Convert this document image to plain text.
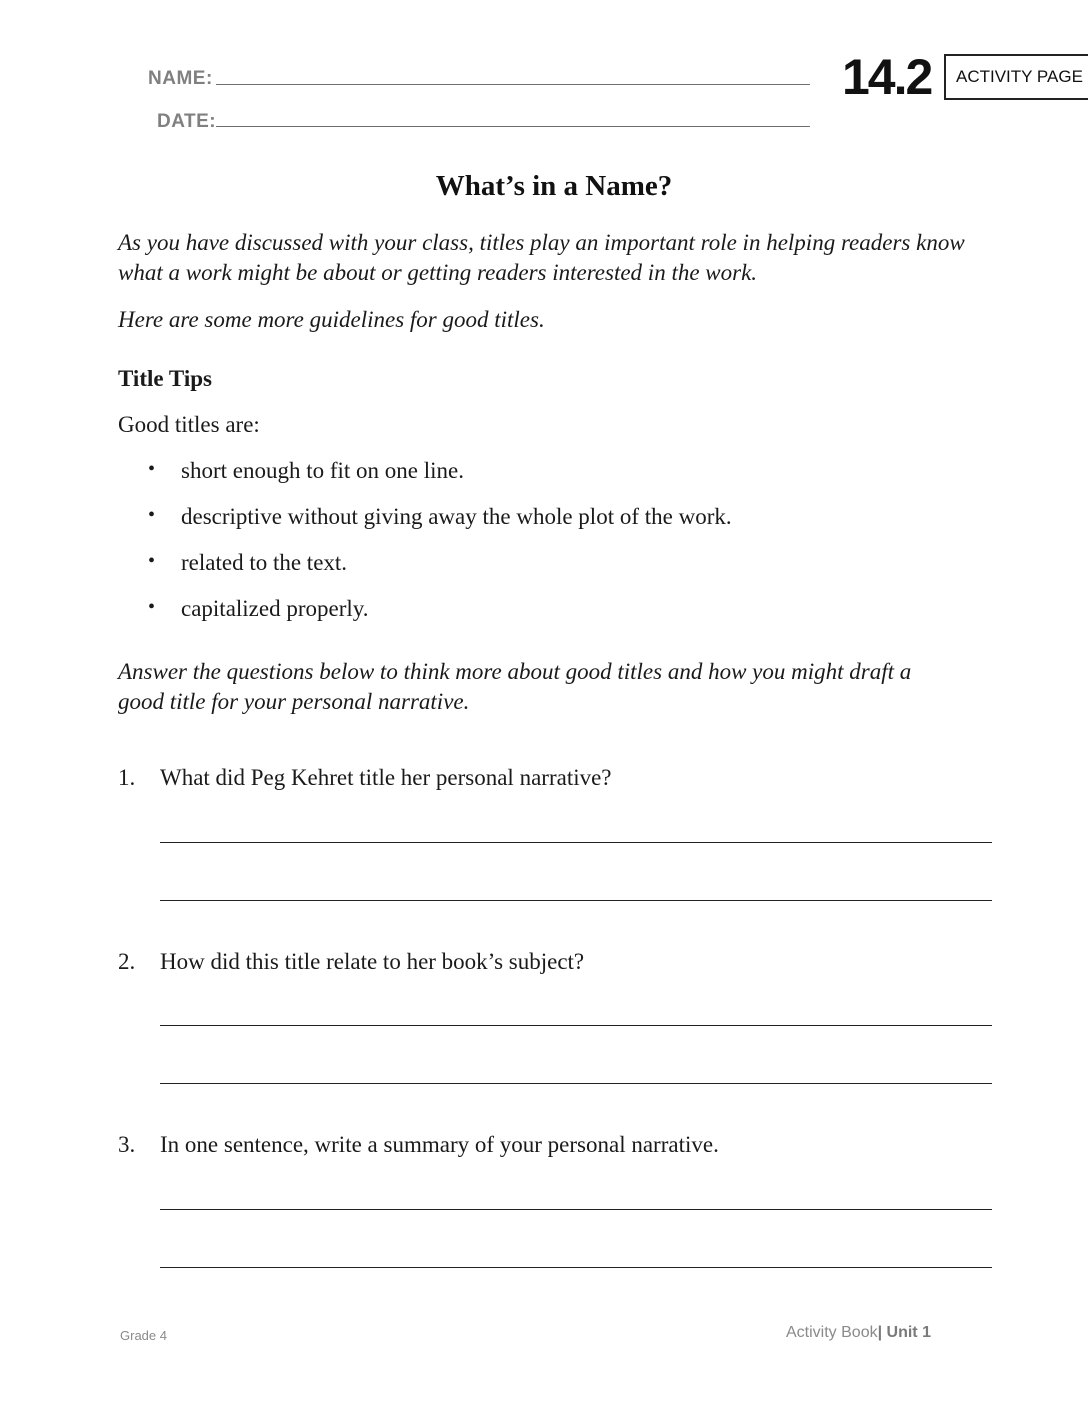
NAME:
DATE:
14.2 ACTIVITY PAGE
What’s in a Name?
As you have discussed with your class, titles play an important role in helping readers know
what a work might be about or getting readers interested in the work.
Here are some more guidelines for good titles.
Title Tips
Good titles are:
• short enough to fit on one line.
• descriptive without giving away the whole plot of the work.
• related to the text.
• capitalized properly.
Answer the questions below to think more about good titles and how you might draft a
good title for your personal narrative.
1. What did Peg Kehret title her personal narrative?
2. How did this title relate to her book’s subject?
3. In one sentence, write a summary of your personal narrative.
Grade 4	Activity Book| Unit 1
